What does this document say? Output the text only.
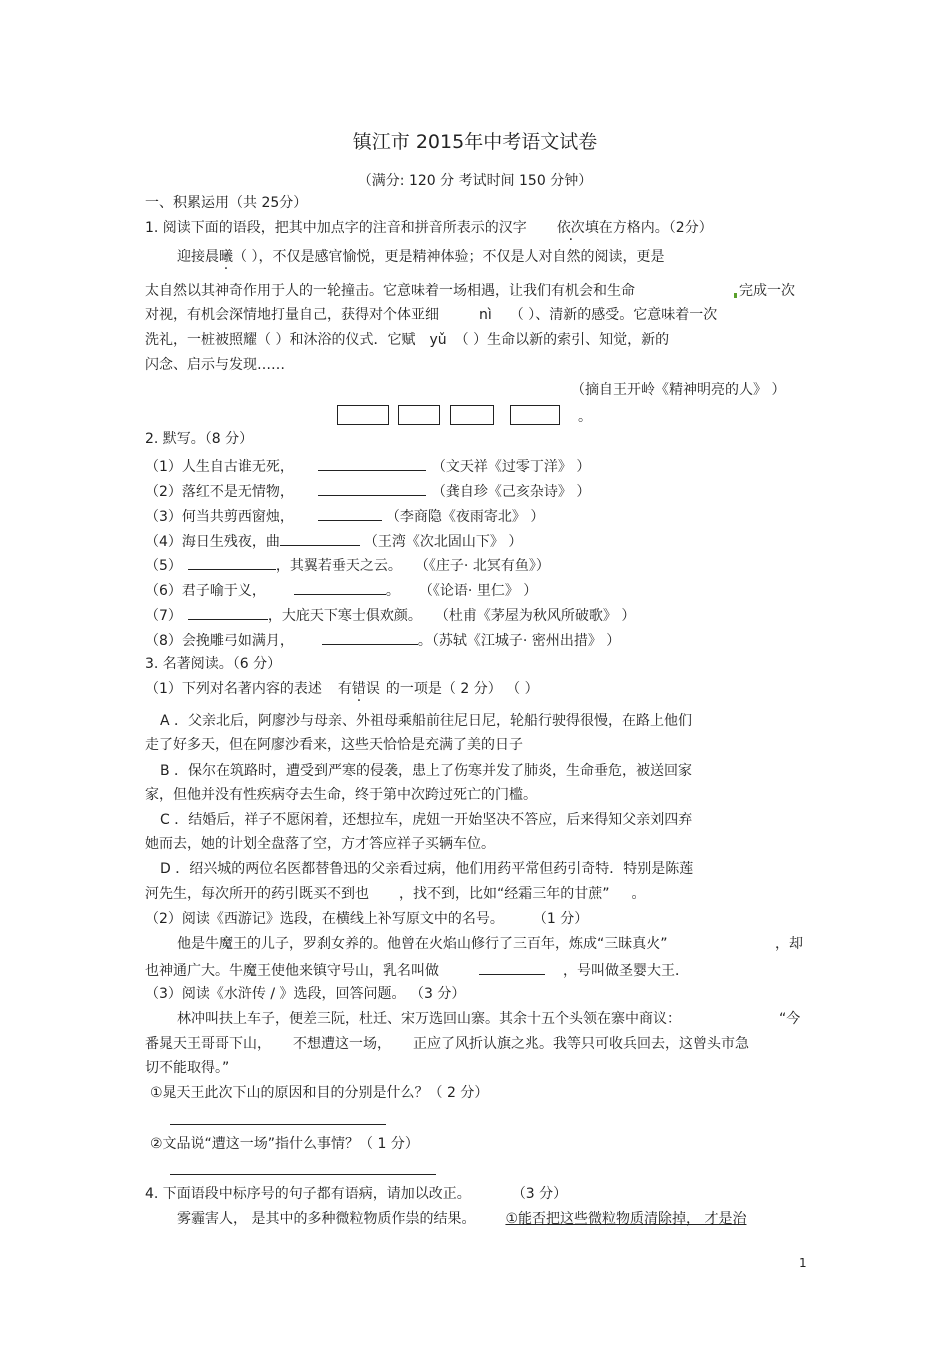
镇江市 2015年中考语文试卷
（满分: 120 分 考试时间 150 分钟）
一、积累运用（共 25分）
1. 阅读下面的语段，把其中加点字的注音和拼音所表示的汉字 依次填在方格内。（2分）
迎接晨曦（ ），不仅是感官愉悦，更是精神体验；不仅是人对自然的阅读，更是
太自然以其神奇作用于人的一轮撞击。它意味着一场相遇，让我们有机会和生命	完成一次
对视，有机会深情地打量自己，获得对个体亚细	nì （ ）、清新的感受。它意味着一次
洗礼，一桩被照耀（ ）和沐浴的仪式．它赋 yǔ （ ）生命以新的索引、知觉，新的
闪念、启示与发现……
（摘自王开岭《精神明亮的人》 ）
。
2. 默写。（8 分）
（1）人生自古谁无死，	（文天祥《过零丁洋》 ）
（2）落红不是无情物，	（龚自珍《己亥杂诗》 ）
（3）何当共剪西窗烛，	（李商隐《夜雨寄北》 ）
（4）海日生残夜，曲	（王湾《次北固山下》 ）
（5）	，其翼若垂天之云。 （《庄子· 北冥有鱼》）
（6）君子喻于义，	。 （《论语· 里仁》 ）
（7）	，大庇天下寒士俱欢颜。 （杜甫《茅屋为秋风所破歌》 ）
（8）会挽雕弓如满月，	。（苏轼《江城子· 密州出措》 ）
3. 名著阅读。（6 分）
（1）下列对名著内容的表述 有错误 的一项是（ 2 分） （ ）
A ．父亲北后，阿廖沙与母亲、外祖母乘船前往尼日尼，轮船行驶得很慢，在路上他们
走了好多天，但在阿廖沙看来，这些天恰恰是充满了美的日子
B ．保尔在筑路时，遭受到严寒的侵袭，患上了伤寒并发了肺炎，生命垂危，被送回家
家，但他并没有性疾病夺去生命，终于第中次跨过死亡的门槛。
C ．结婚后，祥子不愿闲着，还想拉车，虎妞一开始坚决不答应，后来得知父亲刘四弃
她而去，她的计划全盘落了空，方才答应祥子买辆车位。
D ．绍兴城的两位名医都替鲁迅的父亲看过病，他们用药平常但药引奇特．特别是陈莲
河先生，每次所开的药引既买不到也 ，找不到，比如“经霜三年的甘蔗” 。
（2）阅读《西游记》选段，在横线上补写原文中的名号。	（1 分）
他是牛魔王的儿子，罗刹女养的。他曾在火焰山修行了三百年，炼成“三昧真火”	，却
也神通广大。牛魔王使他来镇守号山，乳名叫做	，号叫做圣婴大王．
（3）阅读《水浒传 / 》选段，回答问题。 （3 分）
林冲叫扶上车子，便差三阮，杜迁、宋万选回山寨。其余十五个头领在寨中商议：	“今
番晁天王哥哥下山， 不想遭这一场， 正应了风折认旗之兆。我等只可收兵回去，这曾头市急
切不能取得。”
①晁天王此次下山的原因和目的分别是什么？（ 2 分）
②文品说“遭这一场”指什么事情？（ 1 分）
4. 下面语段中标序号的句子都有语病，请加以改正。	（3 分）
雾霾害人， 是其中的多种微粒物质作祟的结果。 ①能否把这些微粒物质清除掉， 才是治
1
